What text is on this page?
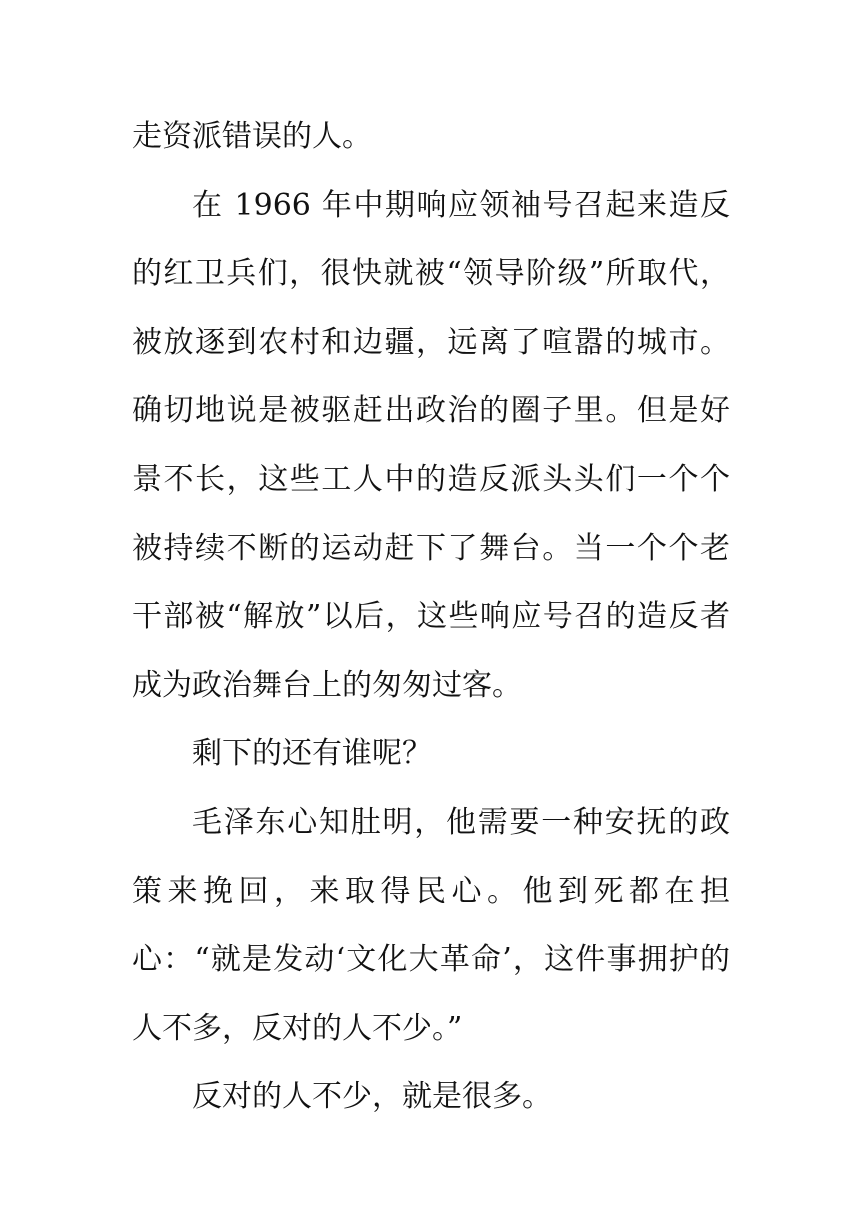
走资派错误的人。

在 1966 年中期响应领袖号召起来造反的红卫兵们，很快就被“领导阶级”所取代，被放逐到农村和边疆，远离了喧嚣的城市。确切地说是被驱赶出政治的圈子里。但是好景不长，这些工人中的造反派头头们一个个被持续不断的运动赶下了舞台。当一个个老干部被“解放”以后，这些响应号召的造反者成为政治舞台上的匆匆过客。

剩下的还有谁呢？

毛泽东心知肚明，他需要一种安抚的政策来挽回，来取得民心。他到死都在担心：“就是发动‘文化大革命’，这件事拥护的人不多，反对的人不少。”

反对的人不少，就是很多。
